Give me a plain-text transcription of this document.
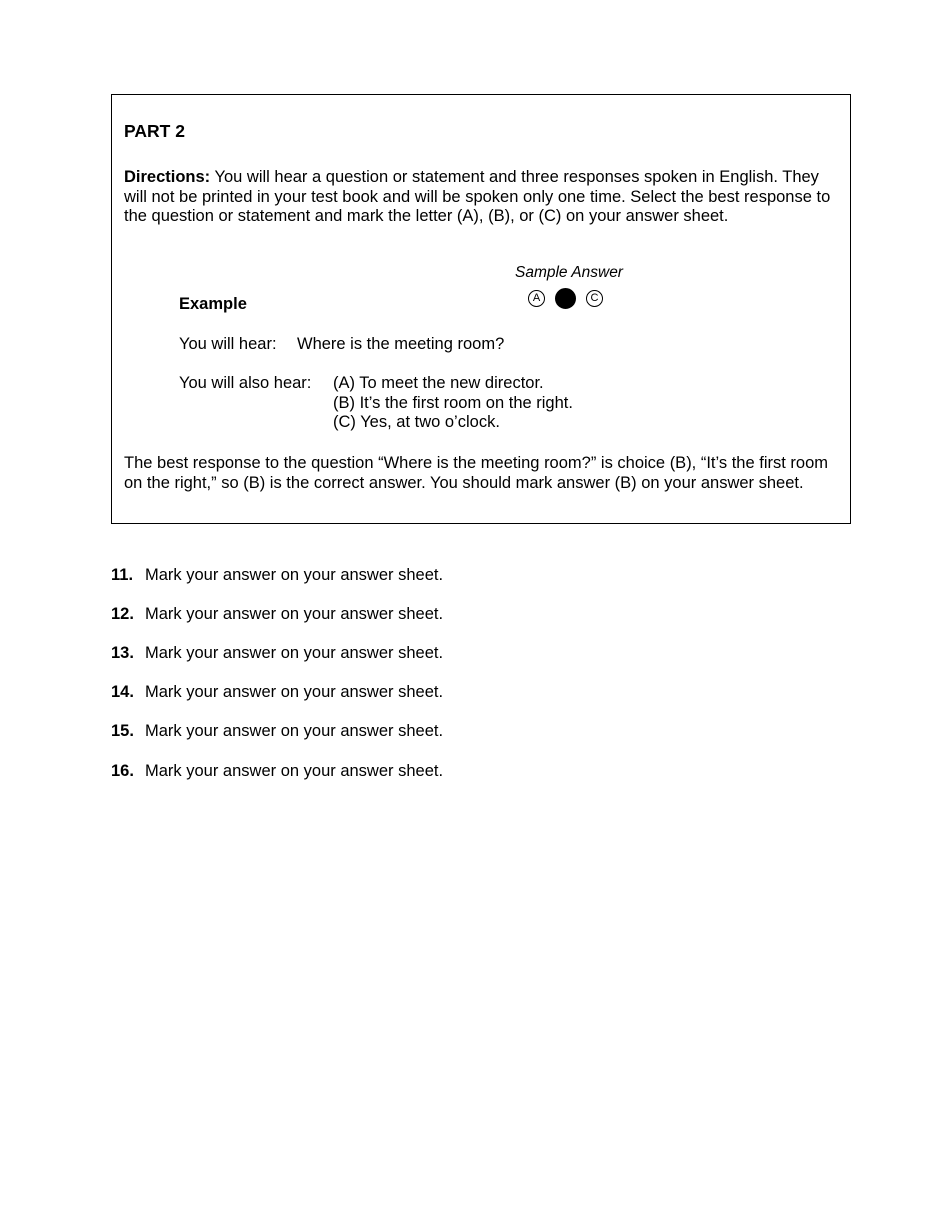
PART 2
Directions: You will hear a question or statement and three responses spoken in English. They will not be printed in your test book and will be spoken only one time. Select the best response to the question or statement and mark the letter (A), (B), or (C) on your answer sheet.
Sample Answer
A	C
Example
You will hear: Where is the meeting room?
You will also hear: (A) To meet the new director.
(B) It’s the first room on the right.
(C) Yes, at two o’clock.
The best response to the question “Where is the meeting room?” is choice (B), “It’s the first room on the right,” so (B) is the correct answer. You should mark answer (B) on your answer sheet.
11. Mark your answer on your answer sheet.
12. Mark your answer on your answer sheet.
13. Mark your answer on your answer sheet.
14. Mark your answer on your answer sheet.
15. Mark your answer on your answer sheet.
16. Mark your answer on your answer sheet.
